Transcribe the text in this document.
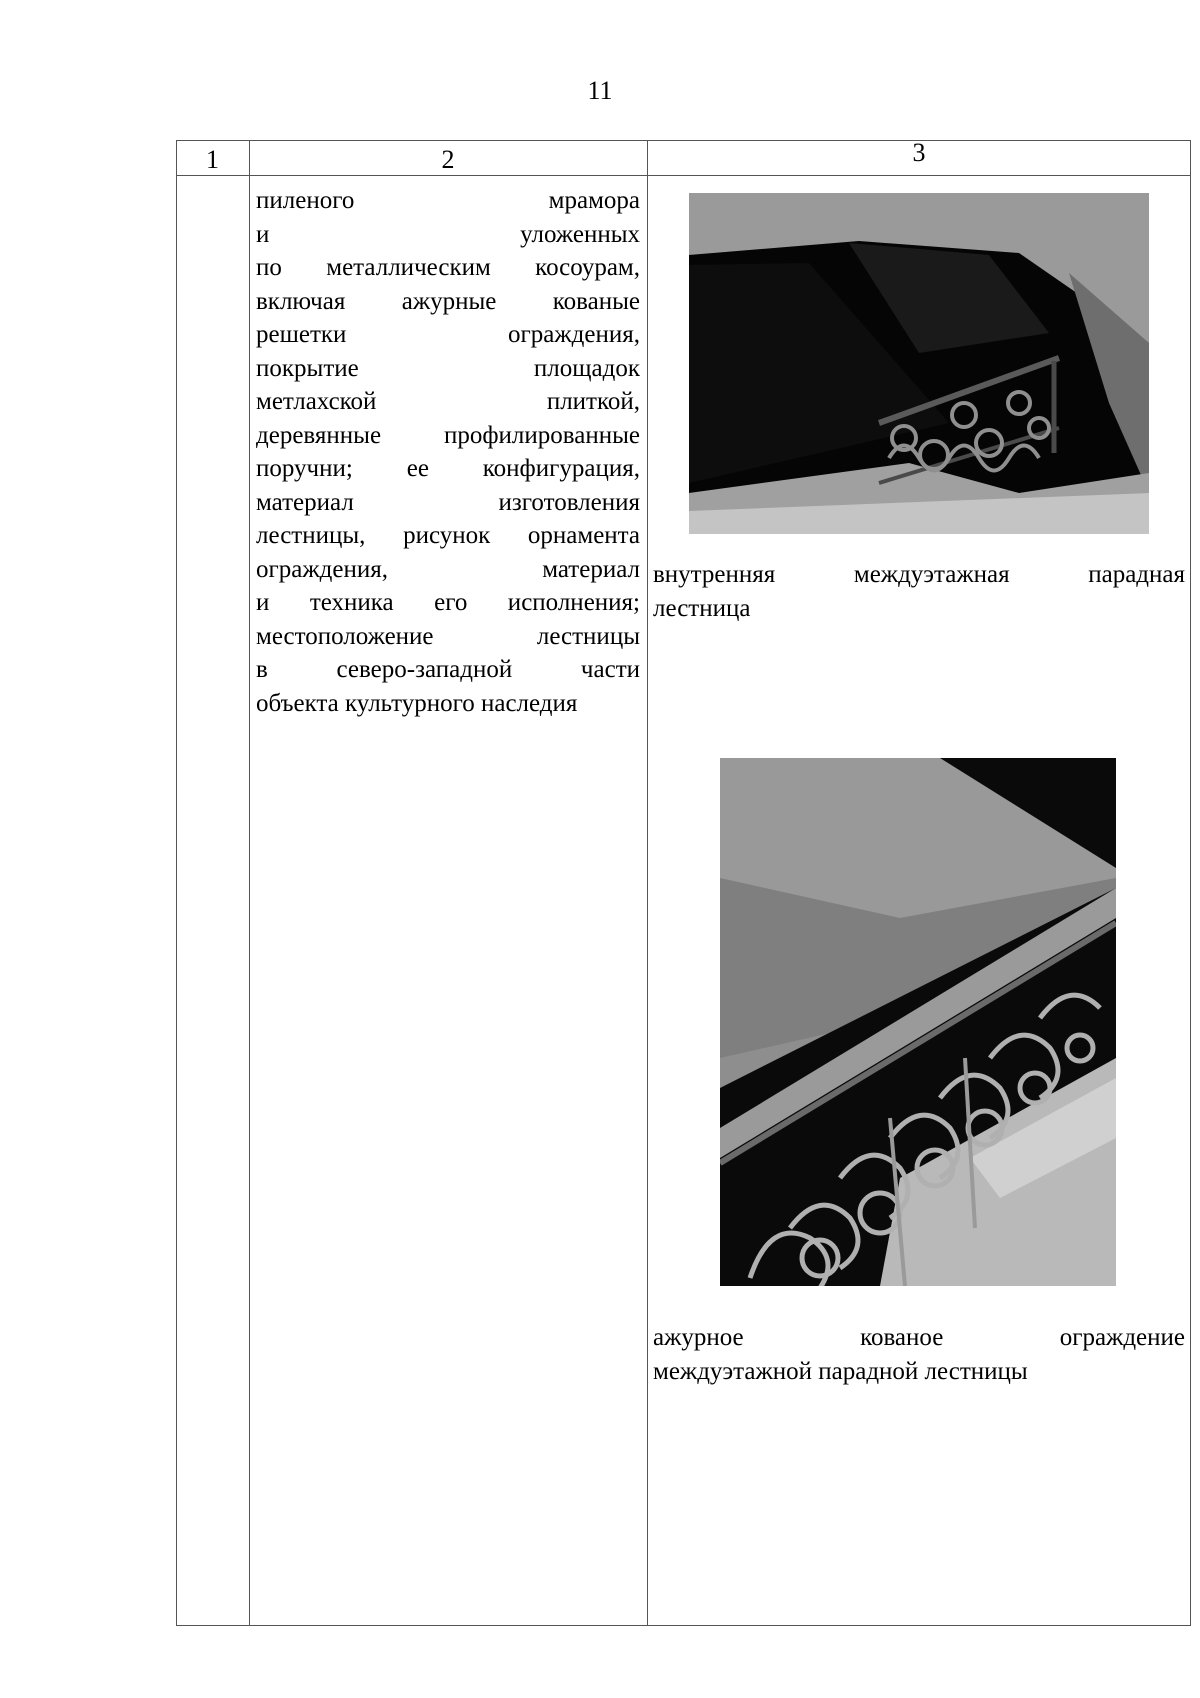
11
1	2	3
пиленого мрамора
и уложенных
по металлическим косоурам,
включая ажурные кованые
решетки ограждения,
покрытие площадок
метлахской плиткой,
деревянные профилированные
поручни; ее конфигурация,
материал изготовления
лестницы, рисунок орнамента
ограждения, материал
и техника его исполнения;
местоположение лестницы
в северо-западной части
объекта культурного наследия
внутренняя междуэтажная парадная
лестница
ажурное кованое ограждение
междуэтажной парадной лестницы
